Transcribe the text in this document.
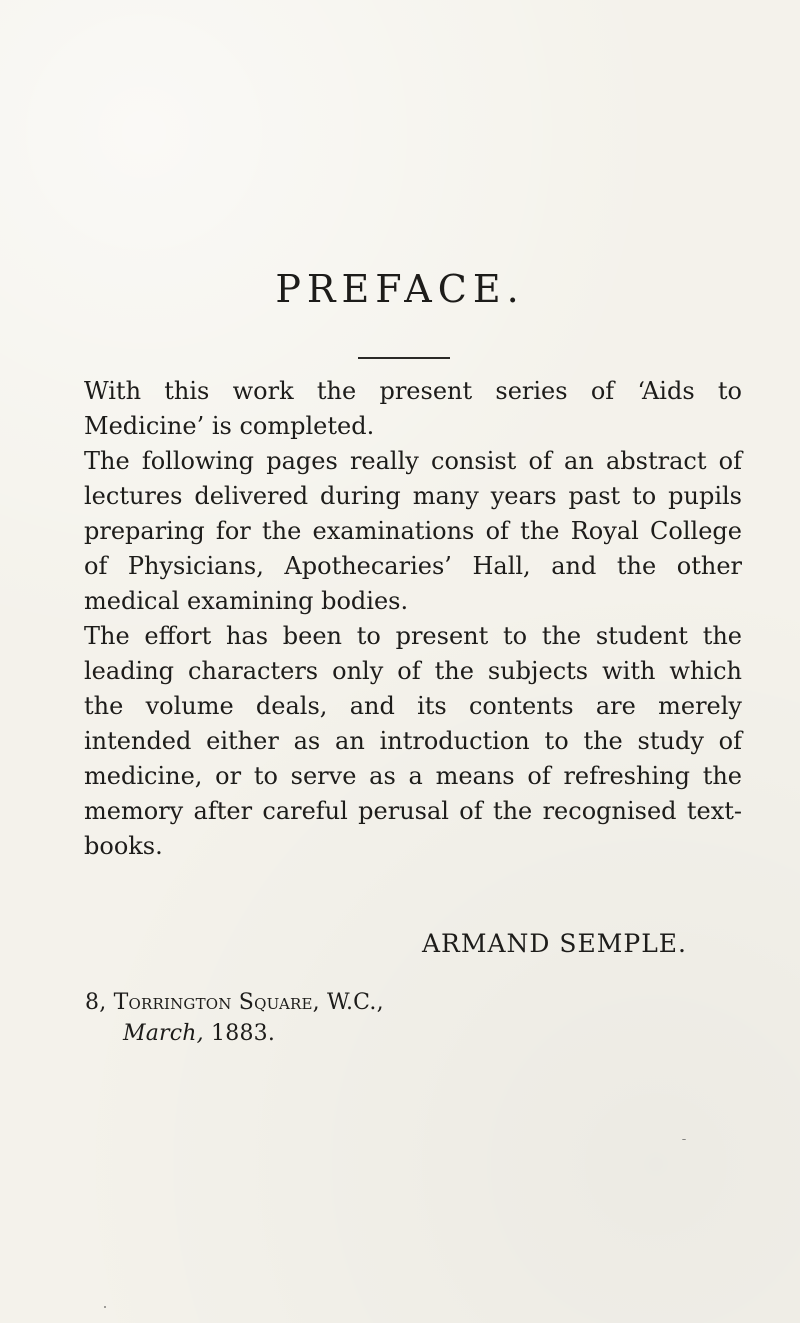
PREFACE.

With this work the present series of ‘Aids to Medicine’ is completed.

The following pages really consist of an abstract of lectures delivered during many years past to pupils preparing for the examinations of the Royal College of Physicians, Apothecaries’ Hall, and the other medical examining bodies.

The effort has been to present to the student the leading characters only of the subjects with which the volume deals, and its contents are merely intended either as an introduction to the study of medicine, or to serve as a means of refreshing the memory after careful perusal of the recognised text-books.

ARMAND SEMPLE.
8, Torrington Square, W.C.,
March, 1883.
